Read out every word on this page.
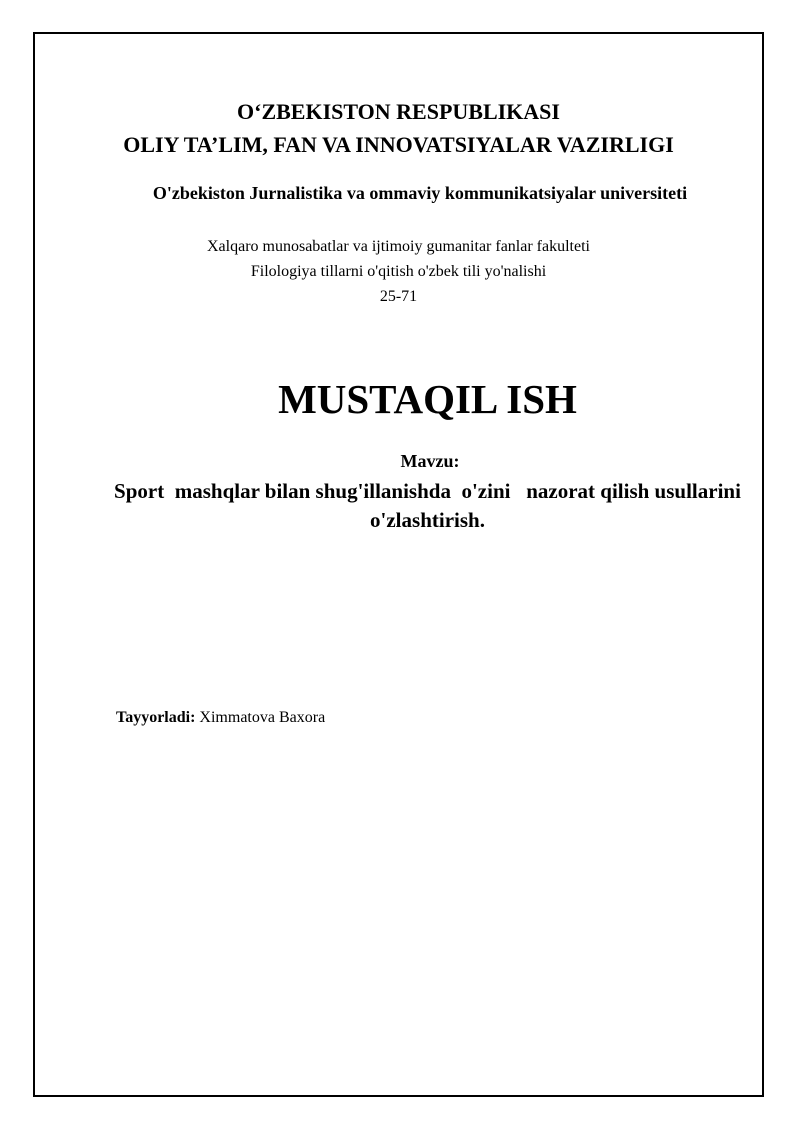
O‘ZBEKISTON RESPUBLIKASI
OLIY TA’LIM, FAN VA INNOVATSIYALAR VAZIRLIGI
O'zbekiston Jurnalistika va ommaviy kommunikatsiyalar universiteti
Xalqaro munosabatlar va ijtimoiy gumanitar fanlar fakulteti
Filologiya tillarni o'qitish o'zbek tili yo'nalishi
25-71
MUSTAQIL ISH
Mavzu:
Sport  mashqlar bilan shug'illanishda  o'zini   nazorat qilish usullarini o'zlashtirish.
Tayyorladi: Ximmatova Baxora
